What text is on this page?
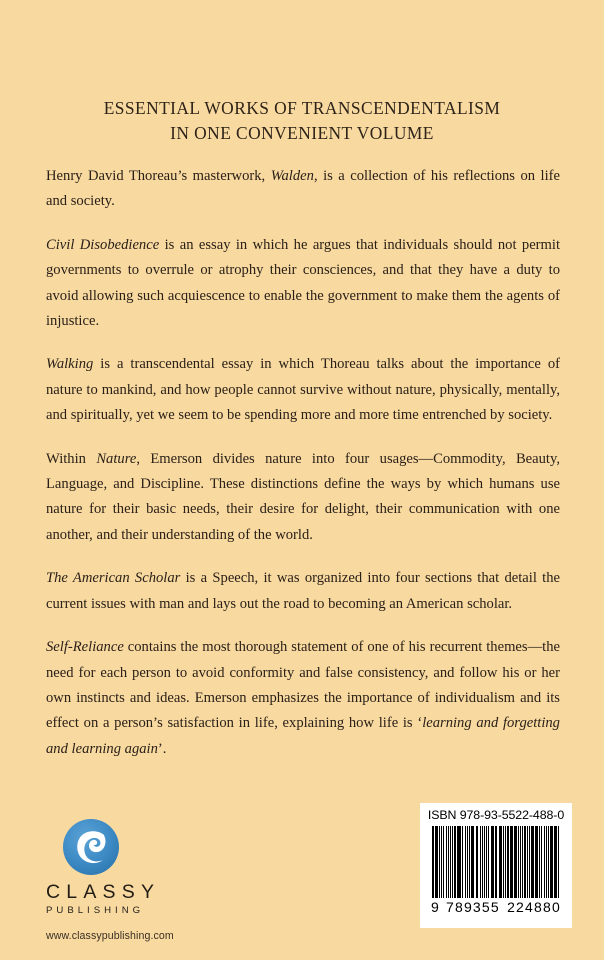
ESSENTIAL WORKS OF TRANSCENDENTALISM
IN ONE CONVENIENT VOLUME

Henry David Thoreau’s masterwork, Walden, is a collection of his reflections on life and society.

Civil Disobedience is an essay in which he argues that individuals should not permit governments to overrule or atrophy their consciences, and that they have a duty to avoid allowing such acquiescence to enable the government to make them the agents of injustice.

Walking is a transcendental essay in which Thoreau talks about the importance of nature to mankind, and how people cannot survive without nature, physically, mentally, and spiritually, yet we seem to be spending more and more time entrenched by society.

Within Nature, Emerson divides nature into four usages—Commodity, Beauty, Language, and Discipline. These distinctions define the ways by which humans use nature for their basic needs, their desire for delight, their communication with one another, and their understanding of the world.

The American Scholar is a Speech, it was organized into four sections that detail the current issues with man and lays out the road to becoming an American scholar.

Self-Reliance contains the most thorough statement of one of his recurrent themes—the need for each person to avoid conformity and false consistency, and follow his or her own instincts and ideas. Emerson emphasizes the importance of individualism and its effect on a person’s satisfaction in life, explaining how life is ‘learning and forgetting and learning again’.

CLASSY
PUBLISHING
www.classypublishing.com
ISBN 978-93-5522-488-0
9 789355 224880
